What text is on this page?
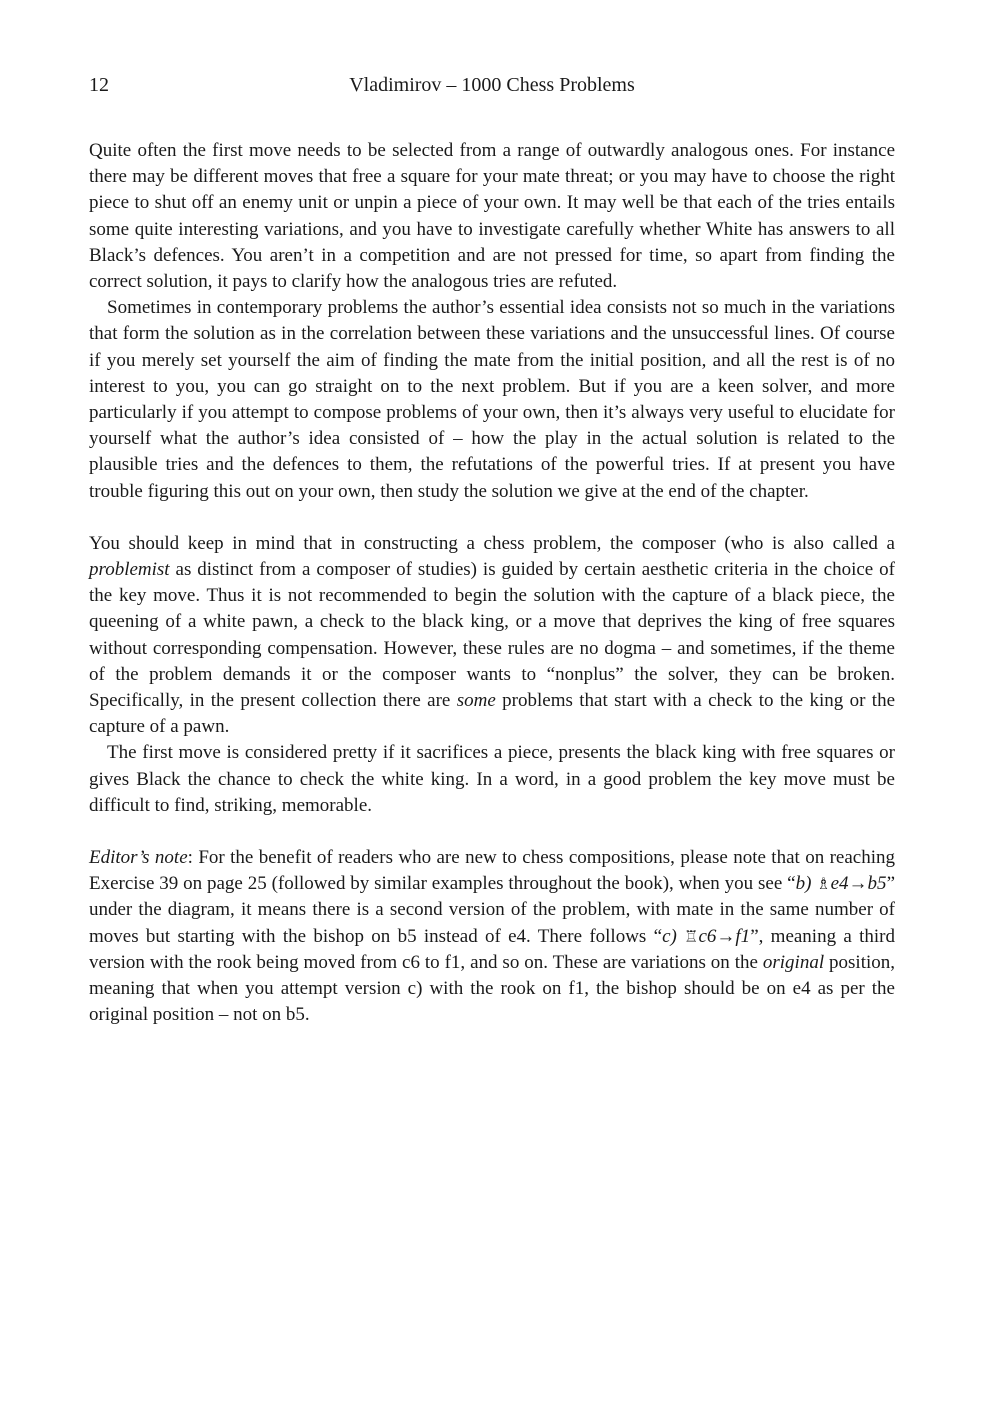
12	Vladimirov – 1000 Chess Problems

Quite often the first move needs to be selected from a range of outwardly analogous ones. For instance there may be different moves that free a square for your mate threat; or you may have to choose the right piece to shut off an enemy unit or unpin a piece of your own. It may well be that each of the tries entails some quite interesting variations, and you have to investigate carefully whether White has answers to all Black’s defences. You aren’t in a competition and are not pressed for time, so apart from finding the correct solution, it pays to clarify how the analogous tries are refuted.

Sometimes in contemporary problems the author’s essential idea consists not so much in the variations that form the solution as in the correlation between these variations and the unsuccessful lines. Of course if you merely set yourself the aim of finding the mate from the initial position, and all the rest is of no interest to you, you can go straight on to the next problem. But if you are a keen solver, and more particularly if you attempt to compose problems of your own, then it’s always very useful to elucidate for yourself what the author’s idea consisted of – how the play in the actual solution is related to the plausible tries and the defences to them, the refutations of the powerful tries. If at present you have trouble figuring this out on your own, then study the solution we give at the end of the chapter.

You should keep in mind that in constructing a chess problem, the composer (who is also called a problemist as distinct from a composer of studies) is guided by certain aesthetic criteria in the choice of the key move. Thus it is not recommended to begin the solution with the capture of a black piece, the queening of a white pawn, a check to the black king, or a move that deprives the king of free squares without corresponding compensation. However, these rules are no dogma – and sometimes, if the theme of the problem demands it or the composer wants to “nonplus” the solver, they can be broken. Specifically, in the present collection there are some problems that start with a check to the king or the capture of a pawn.

The first move is considered pretty if it sacrifices a piece, presents the black king with free squares or gives Black the chance to check the white king. In a word, in a good problem the key move must be difficult to find, striking, memorable.

Editor’s note: For the benefit of readers who are new to chess compositions, please note that on reaching Exercise 39 on page 25 (followed by similar examples throughout the book), when you see “b) ♗e4→b5” under the diagram, it means there is a second version of the problem, with mate in the same number of moves but starting with the bishop on b5 instead of e4. There follows “c) ♖c6→f1”, meaning a third version with the rook being moved from c6 to f1, and so on. These are variations on the original position, meaning that when you attempt version c) with the rook on f1, the bishop should be on e4 as per the original position – not on b5.
